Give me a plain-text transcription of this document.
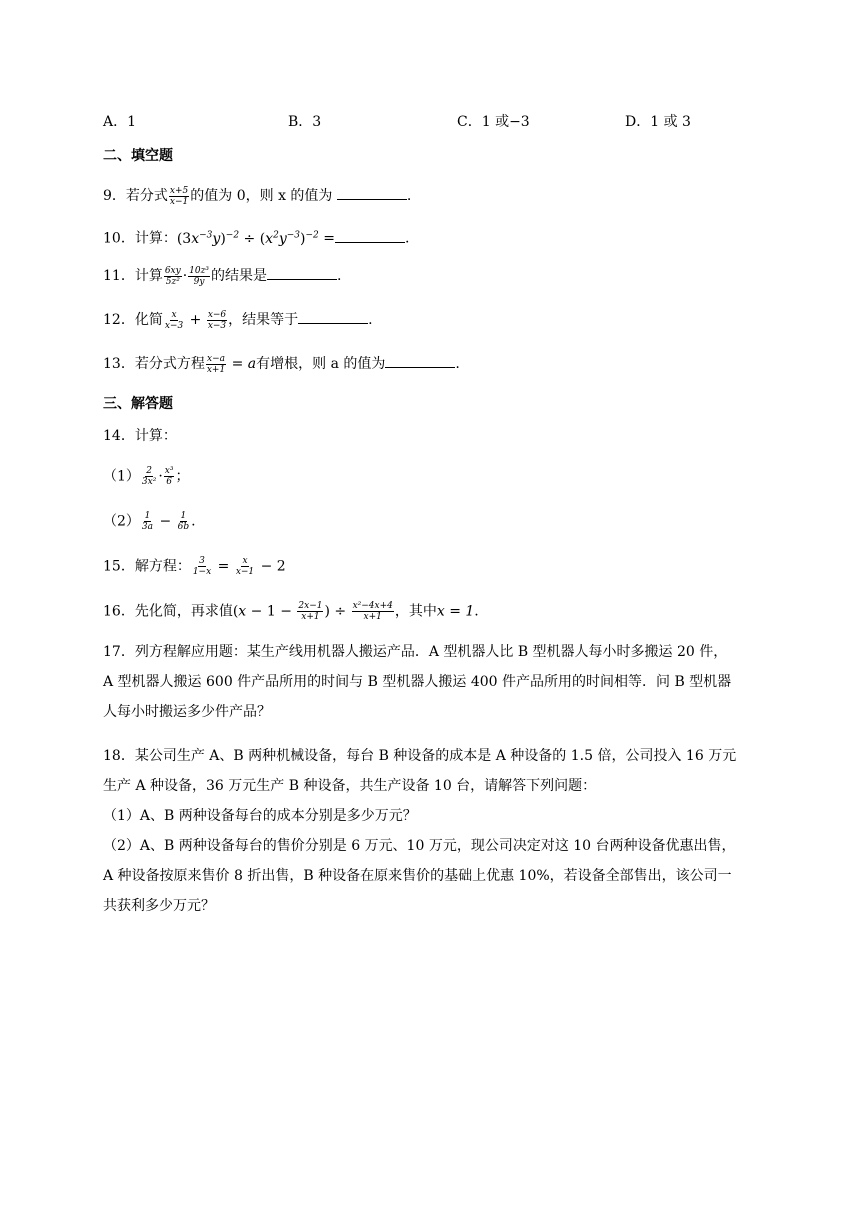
A．1	B．3	C．1 或−3	D．1 或 3
二、填空题
9．若分式 $\frac{x+5}{x-1}$ 的值为 0，则 x 的值为	.
10．计算：$(3x^{-3}y)^{-2} \div (x^2y^{-3})^{-2}$ =	.
11．计算 $\frac{6xy}{\text{5z²}} \cdot \frac{\text{10z³}}{9y}$ 的结果是	.
12．化简 $\frac{x}{x-3} + \frac{x-6}{x-3}$ ，结果等于	.
13．若分式方程 $\frac{x-a}{x+1} = a$有增根，则 a 的值为	.
三、解答题
14．计算：
$(1) \frac{2}{\text{3x²}} \cdot \frac{\text{x³}}{6}$ ；
$(2) \frac{1}{3a} - \frac{1}{6b}$ .
15．解方程： $\frac{3}{1-x} = \frac{x}{x-1} - 2$
16．先化简，再求值($x - 1 - \frac{2x-1}{x+1}$ ) ÷ $\frac{\text{x²−4x+4}}{x+1}$ ，其中x = 1.
17．列方程解应用题：某生产线用机器人搬运产品．A 型机器人比 B 型机器人每小时多搬运 20 件，
A 型机器人搬运 600 件产品所用的时间与 B 型机器人搬运 400 件产品所用的时间相等．问 B 型机器
人每小时搬运多少件产品？
18．某公司生产 A、B 两种机械设备，每台 B 种设备的成本是 A 种设备的 1.5 倍，公司投入 16 万元
生产 A 种设备，36 万元生产 B 种设备，共生产设备 10 台，请解答下列问题：
（1）A、B 两种设备每台的成本分别是多少万元？
（2）A、B 两种设备每台的售价分别是 6 万元、10 万元，现公司决定对这 10 台两种设备优惠出售，
A 种设备按原来售价 8 折出售，B 种设备在原来售价的基础上优惠 10%，若设备全部售出，该公司一
共获利多少万元？
